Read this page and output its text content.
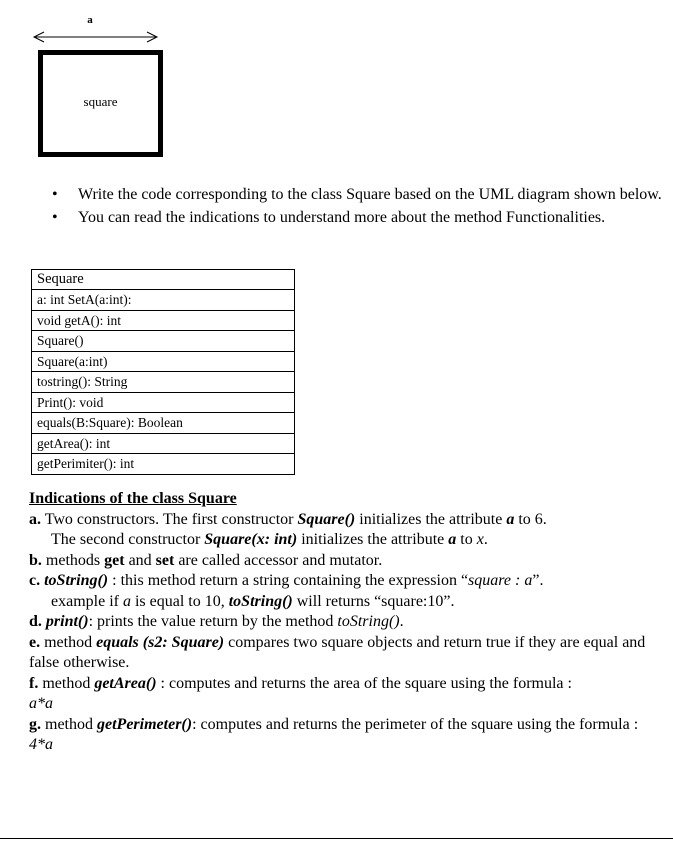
a
square
• Write the code corresponding to the class Square based on the UML diagram shown below.
• You can read the indications to understand more about the method Functionalities.
Sequare
a: int SetA(a:int):
void getA(): int
Square()
Square(a:int)
tostring(): String
Print(): void
equals(B:Square): Boolean
getArea(): int
getPerimiter(): int

Indications of the class Square

a. Two constructors. The first constructor Square() initializes the attribute a to 6.

The second constructor Square(x: int) initializes the attribute a to x.

b. methods get and set are called accessor and mutator.

c. toString() : this method return a string containing the expression “square : a”.

example if a is equal to 10, toString() will returns “square:10”.

d. print(): prints the value return by the method toString().

e. method equals (s2: Square) compares two square objects and return true if they are equal and false otherwise.

f. method getArea() : computes and returns the area of the square using the formula :

a*a

g. method getPerimeter(): computes and returns the perimeter of the square using the formula : 4*a
